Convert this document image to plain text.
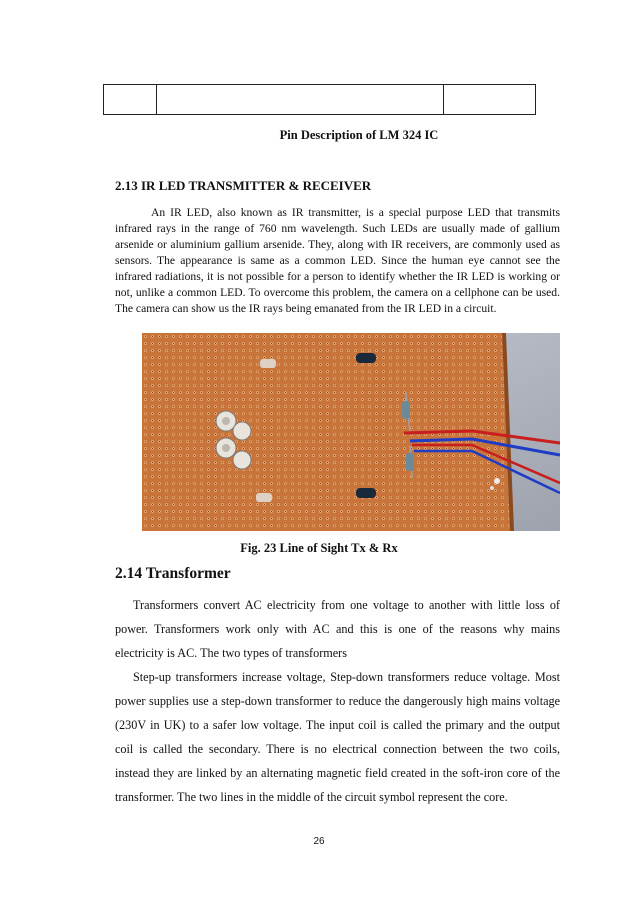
Pin Description of LM 324 IC
2.13 IR LED TRANSMITTER & RECEIVER

An IR LED, also known as IR transmitter, is a special purpose LED that transmits infrared rays in the range of 760 nm wavelength. Such LEDs are usually made of gallium arsenide or aluminium gallium arsenide. They, along with IR receivers, are commonly used as sensors. The appearance is same as a common LED. Since the human eye cannot see the infrared radiations, it is not possible for a person to identify whether the IR LED is working or not, unlike a common LED. To overcome this problem, the camera on a cellphone can be used. The camera can show us the IR rays being emanated from the IR LED in a circuit.

Fig. 23 Line of Sight Tx & Rx
2.14 Transformer

Transformers convert AC electricity from one voltage to another with little loss of power. Transformers work only with AC and this is one of the reasons why mains electricity is AC. The two types of transformers

Step-up transformers increase voltage, Step-down transformers reduce voltage. Most power supplies use a step-down transformer to reduce the dangerously high mains voltage (230V in UK) to a safer low voltage. The input coil is called the primary and the output coil is called the secondary. There is no electrical connection between the two coils, instead they are linked by an alternating magnetic field created in the soft-iron core of the transformer. The two lines in the middle of the circuit symbol represent the core.

26
